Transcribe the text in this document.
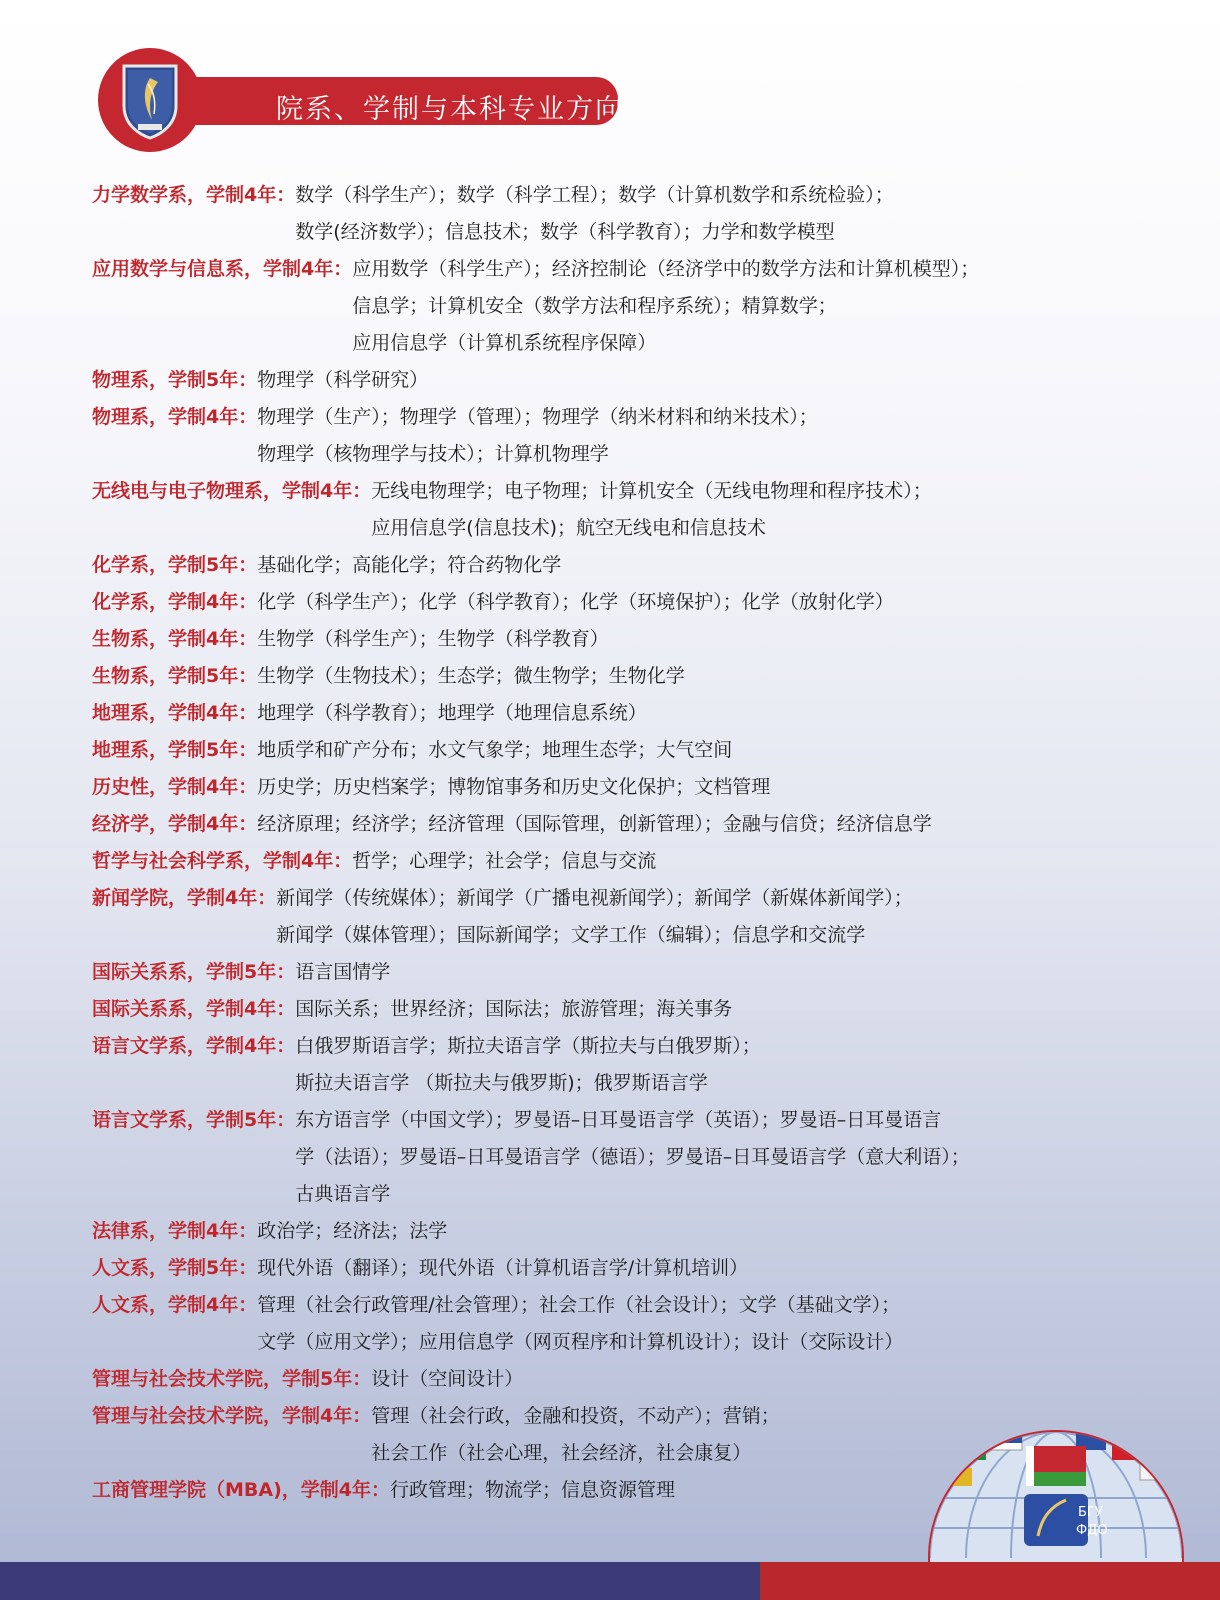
院系、学制与本科专业方向
力学数学系，学制4年： 数学（科学生产）；数学（科学工程）；数学（计算机数学和系统检验）；
数学(经济数学）；信息技术；数学（科学教育）；力学和数学模型
应用数学与信息系，学制4年： 应用数学（科学生产）；经济控制论（经济学中的数学方法和计算机模型）；
信息学；计算机安全（数学方法和程序系统）；精算数学；
应用信息学（计算机系统程序保障）
物理系，学制5年： 物理学（科学研究）
物理系，学制4年： 物理学（生产）；物理学（管理）；物理学（纳米材料和纳米技术）；
物理学（核物理学与技术）；计算机物理学
无线电与电子物理系，学制4年： 无线电物理学；电子物理；计算机安全（无线电物理和程序技术）；
应用信息学(信息技术)；航空无线电和信息技术
化学系，学制5年： 基础化学；高能化学；符合药物化学
化学系，学制4年： 化学（科学生产）；化学（科学教育）；化学（环境保护）；化学（放射化学）
生物系，学制4年： 生物学（科学生产）；生物学（科学教育）
生物系，学制5年： 生物学（生物技术）；生态学；微生物学；生物化学
地理系，学制4年： 地理学（科学教育）；地理学（地理信息系统）
地理系，学制5年： 地质学和矿产分布；水文气象学；地理生态学；大气空间
历史性，学制4年： 历史学；历史档案学；博物馆事务和历史文化保护；文档管理
经济学，学制4年： 经济原理；经济学；经济管理（国际管理，创新管理）；金融与信贷；经济信息学
哲学与社会科学系，学制4年： 哲学；心理学；社会学；信息与交流
新闻学院，学制4年： 新闻学（传统媒体）；新闻学（广播电视新闻学）；新闻学（新媒体新闻学）；
新闻学（媒体管理）；国际新闻学；文学工作（编辑）；信息学和交流学
国际关系系，学制5年： 语言国情学
国际关系系，学制4年： 国际关系；世界经济；国际法；旅游管理；海关事务
语言文学系，学制4年： 白俄罗斯语言学；斯拉夫语言学（斯拉夫与白俄罗斯）；
斯拉夫语言学 （斯拉夫与俄罗斯)；俄罗斯语言学
语言文学系，学制5年： 东方语言学（中国文学）；罗曼语–日耳曼语言学（英语）；罗曼语–日耳曼语言
学（法语）；罗曼语–日耳曼语言学（德语）；罗曼语–日耳曼语言学（意大利语）；
古典语言学
法律系，学制4年： 政治学；经济法；法学
人文系，学制5年： 现代外语（翻译）；现代外语（计算机语言学/计算机培训）
人文系，学制4年： 管理（社会行政管理/社会管理）；社会工作（社会设计）；文学（基础文学）；
文学（应用文学）；应用信息学（网页程序和计算机设计）；设计（交际设计）
管理与社会技术学院，学制5年： 设计（空间设计）
管理与社会技术学院，学制4年： 管理（社会行政，金融和投资，不动产）；营销；
社会工作（社会心理，社会经济，社会康复）
工商管理学院（MBA)，学制4年： 行政管理；物流学；信息资源管理
БГУ
ФДО
